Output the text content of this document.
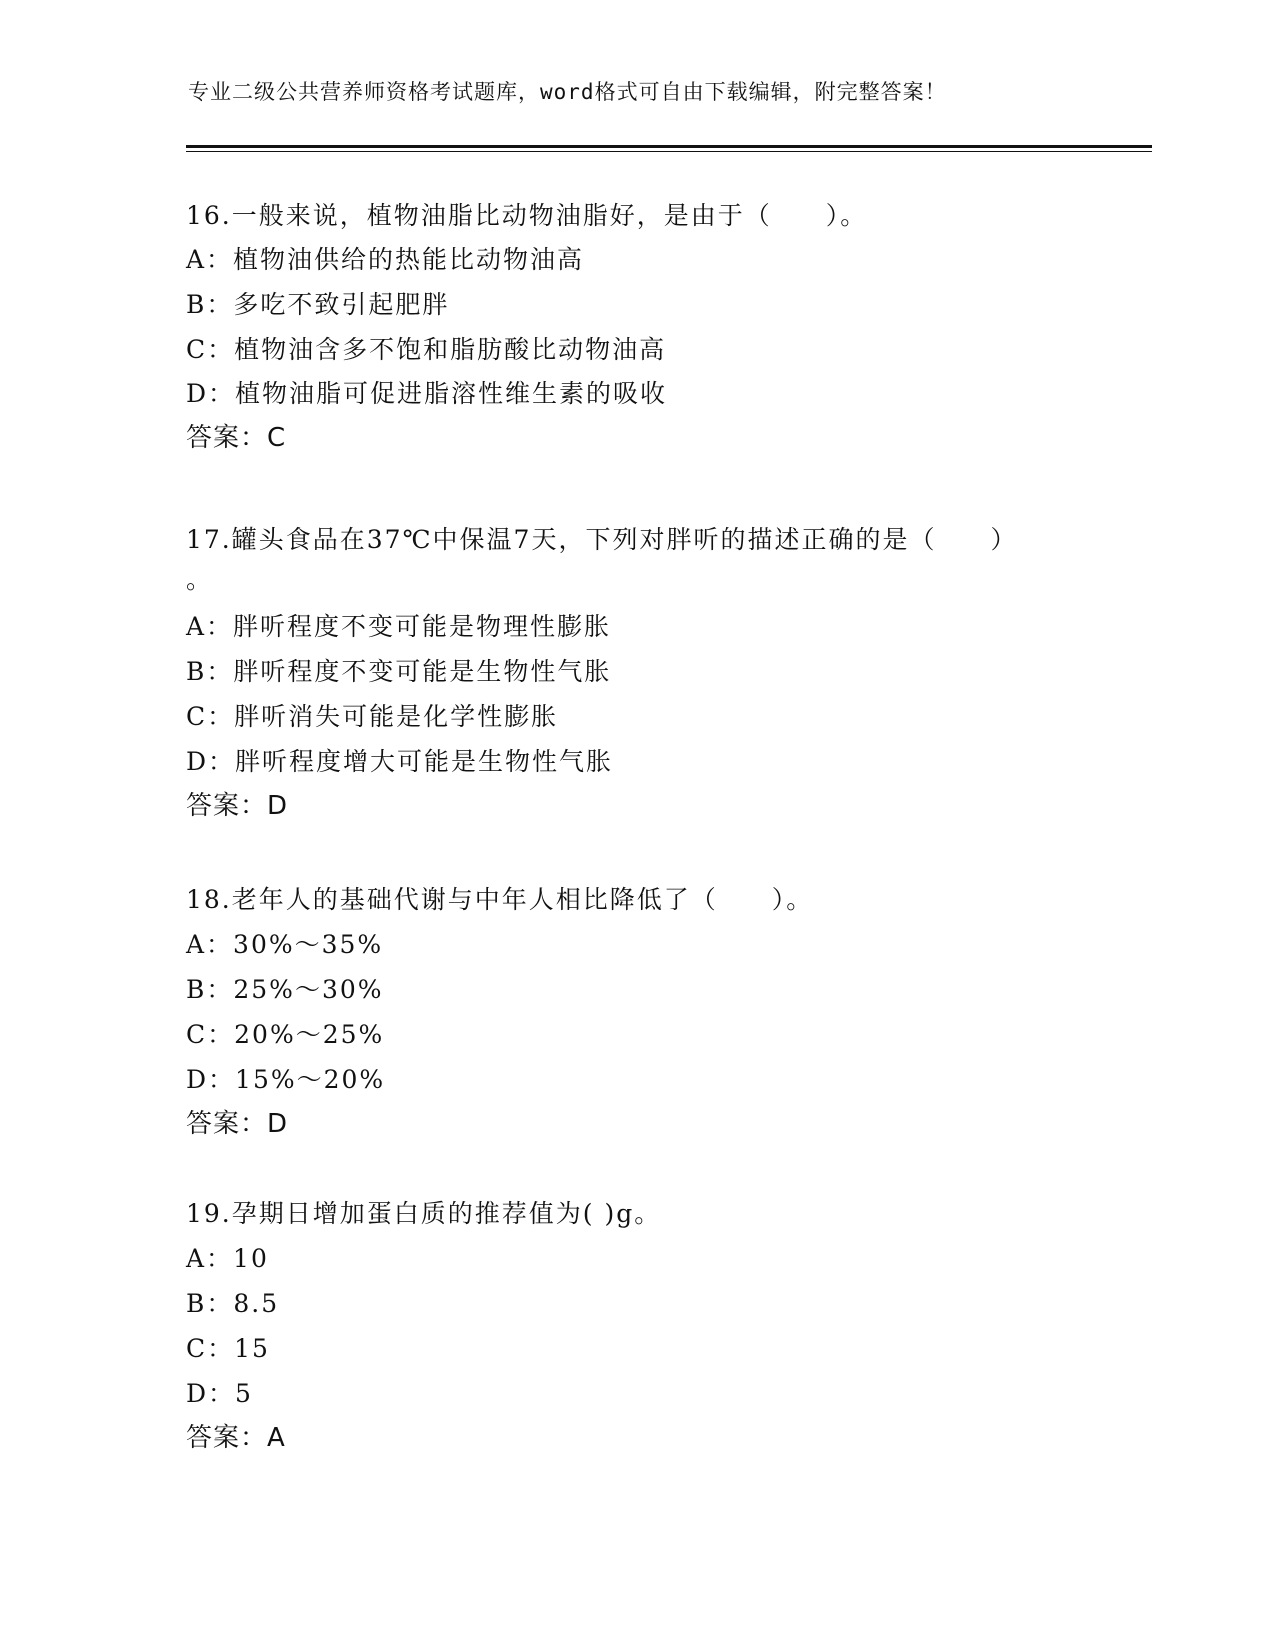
专业二级公共营养师资格考试题库，word格式可自由下载编辑，附完整答案！
16.一般来说，植物油脂比动物油脂好，是由于（　　）。
A：植物油供给的热能比动物油高
B：多吃不致引起肥胖
C：植物油含多不饱和脂肪酸比动物油高
D：植物油脂可促进脂溶性维生素的吸收
答案：C
17.罐头食品在37℃中保温7天，下列对胖听的描述正确的是（　　）
。
A：胖听程度不变可能是物理性膨胀
B：胖听程度不变可能是生物性气胀
C：胖听消失可能是化学性膨胀
D：胖听程度增大可能是生物性气胀
答案：D
18.老年人的基础代谢与中年人相比降低了（　　）。
A：30%～35%
B：25%～30%
C：20%～25%
D：15%～20%
答案：D
19.孕期日增加蛋白质的推荐值为( )g。
A：10
B：8.5
C：15
D：5
答案：A
